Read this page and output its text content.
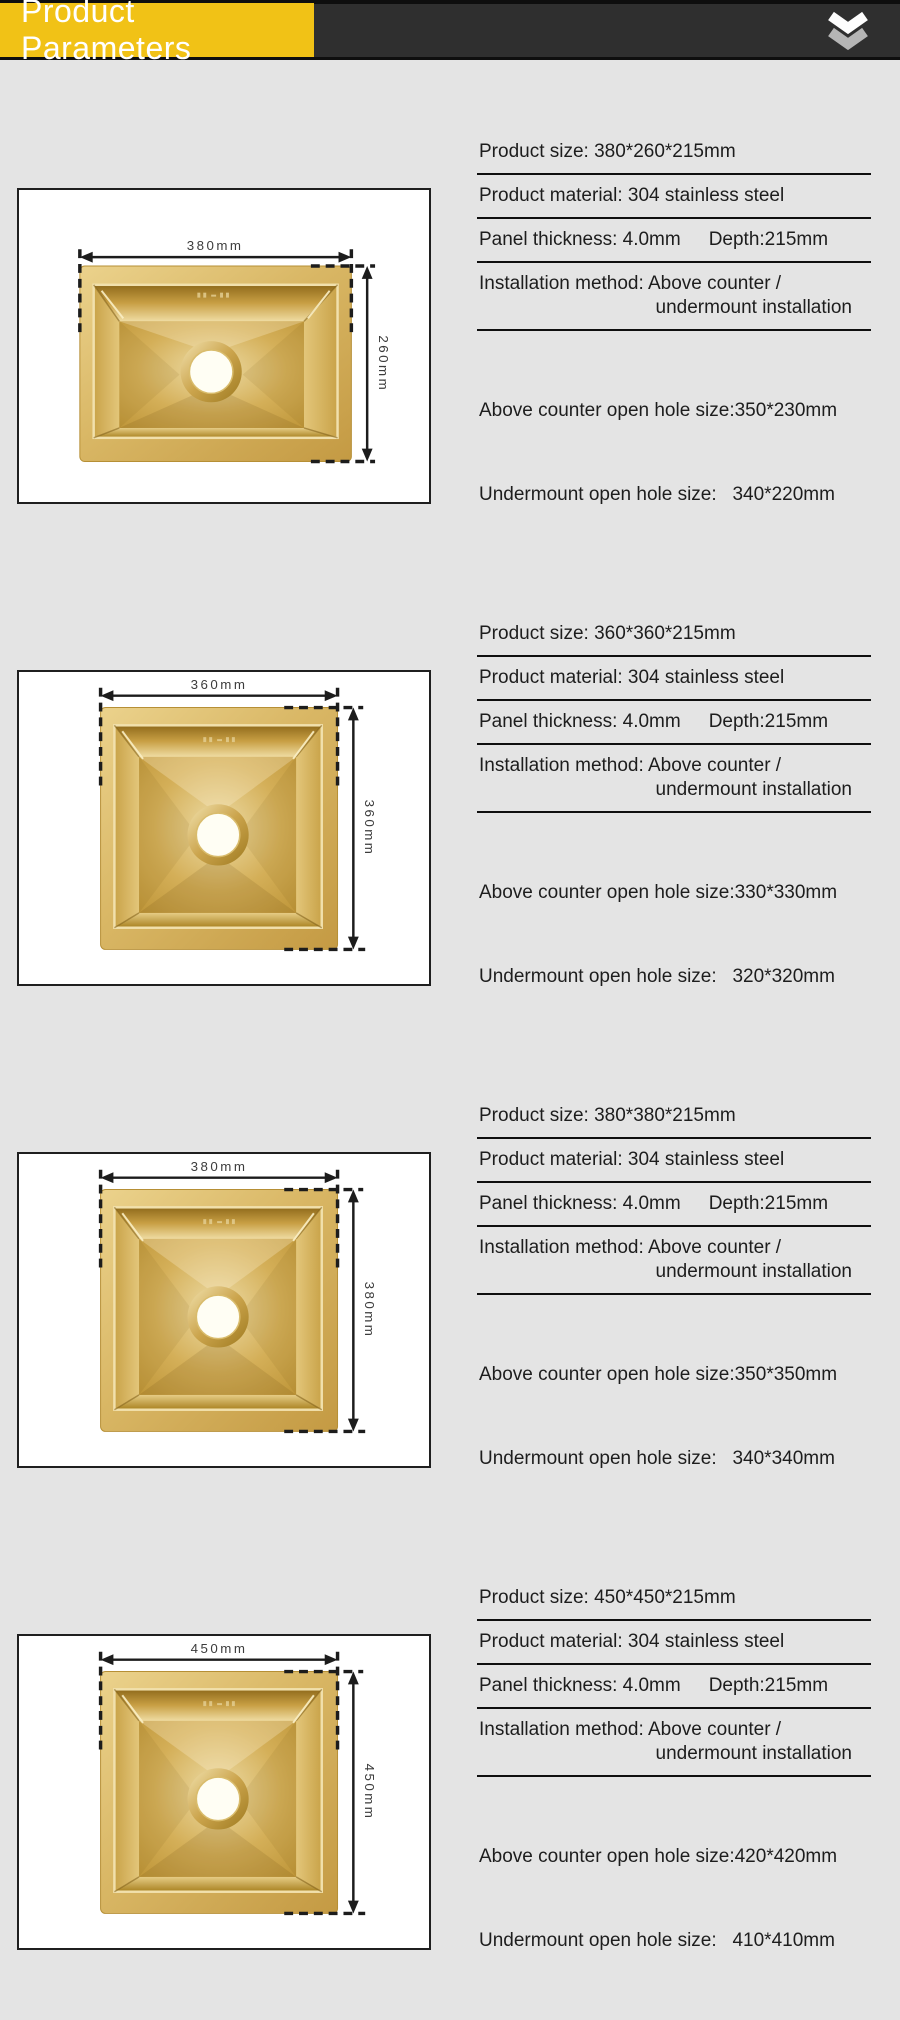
Product Parameters
380mm
260mm
Product size: 380*260*215mm
Product material: 304 stainless steel
Panel thickness: 4.0mm Depth:215mm
Installation method: Above counter /
undermount installation

Above counter open hole size:350*230mm

Undermount open hole size:   340*220mm

360mm
360mm
Product size: 360*360*215mm
Product material: 304 stainless steel
Panel thickness: 4.0mm Depth:215mm
Installation method: Above counter /
undermount installation

Above counter open hole size:330*330mm

Undermount open hole size:   320*320mm

380mm
380mm
Product size: 380*380*215mm
Product material: 304 stainless steel
Panel thickness: 4.0mm Depth:215mm
Installation method: Above counter /
undermount installation

Above counter open hole size:350*350mm

Undermount open hole size:   340*340mm

450mm
450mm
Product size: 450*450*215mm
Product material: 304 stainless steel
Panel thickness: 4.0mm Depth:215mm
Installation method: Above counter /
undermount installation

Above counter open hole size:420*420mm

Undermount open hole size:   410*410mm
